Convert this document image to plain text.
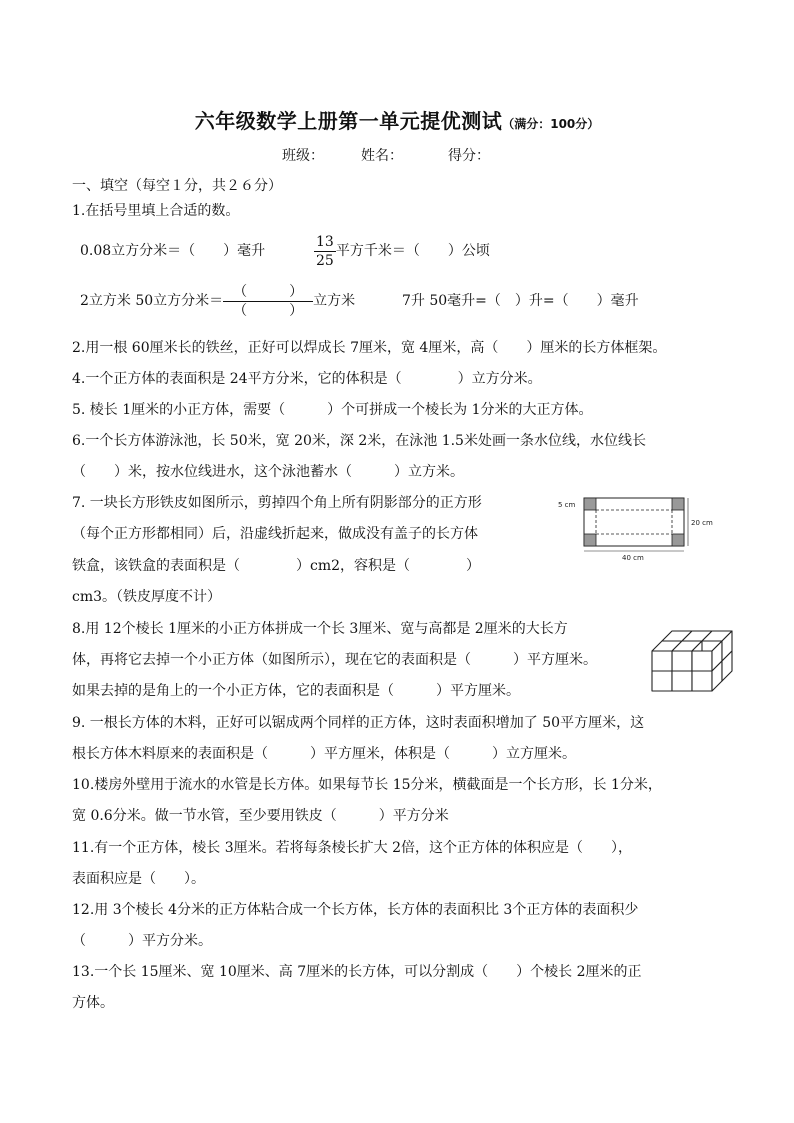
六年级数学上册第一单元提优测试（满分：100分）
班级：	姓名：	得分：
一、填空（每空１分，共２６分）
1.在括号里填上合适的数。
0.08立方分米＝（　　）毫升	$\frac{13}{25}$ 平方千米＝（　　）公顷
2立方米 50立方分米＝ $\frac{( )}{( )}$ 立方米	7升 50毫升=（　）升=（　　）毫升
2.用一根 60厘米长的铁丝，正好可以焊成长 7厘米，宽 4厘米，高（　　）厘米的长方体框架。
4.一个正方体的表面积是 24平方分米，它的体积是（　　　　）立方分米。
5. 棱长 1厘米的小正方体，需要（　　　）个可拼成一个棱长为 1分米的大正方体。
6.一个长方体游泳池，长 50米，宽 20米，深 2米，在泳池 1.5米处画一条水位线，水位线长
（　　）米，按水位线进水，这个泳池蓄水（　　　）立方米。
7. 一块长方形铁皮如图所示，剪掉四个角上所有阴影部分的正方形
（每个正方形都相同）后，沿虚线折起来，做成没有盖子的长方体
铁盒，该铁盒的表面积是（　　　　）cm2，容积是（　　　　）
cm3。（铁皮厚度不计）
5 cm
20 cm
40 cm
8.用 12个棱长 1厘米的小正方体拼成一个长 3厘米、宽与高都是 2厘米的大长方
体，再将它去掉一个小正方体（如图所示），现在它的表面积是（　　　）平方厘米。
如果去掉的是角上的一个小正方体，它的表面积是（　　　）平方厘米。
9. 一根长方体的木料，正好可以锯成两个同样的正方体，这时表面积增加了 50平方厘米，这
根长方体木料原来的表面积是（　　　）平方厘米，体积是（　　　）立方厘米。
10.楼房外壁用于流水的水管是长方体。如果每节长 15分米，横截面是一个长方形，长 1分米，
宽 0.6分米。做一节水管，至少要用铁皮（　　　）平方分米
11.有一个正方体，棱长 3厘米。若将每条棱长扩大 2倍，这个正方体的体积应是（　　），
表面积应是（　　）。
12.用 3个棱长 4分米的正方体粘合成一个长方体，长方体的表面积比 3个正方体的表面积少
（　　　）平方分米。
13.一个长 15厘米、宽 10厘米、高 7厘米的长方体，可以分割成（　　）个棱长 2厘米的正
方体。
